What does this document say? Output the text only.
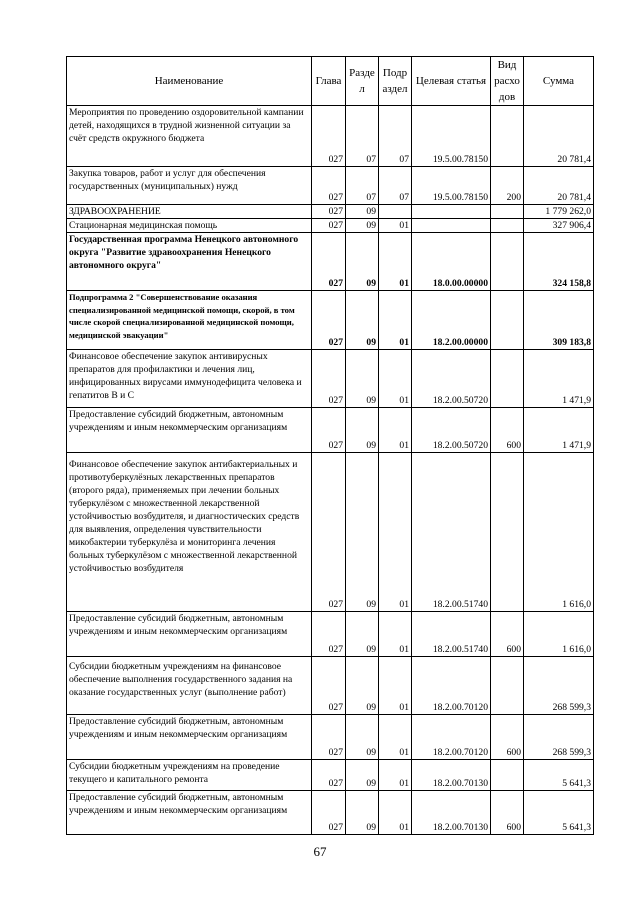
Наименование	Глава	Разде л	Подр аздел	Целевая статья	Вид расхо дов	Сумма
Мероприятия по проведению оздоровительной кампании детей, находящихся в трудной жизненной ситуации за счёт средств окружного бюджета	027	07	07	19.5.00.78150		20 781,4
Закупка товаров, работ и услуг для обеспечения государственных (муниципальных) нужд	027	07	07	19.5.00.78150	200	20 781,4
ЗДРАВООХРАНЕНИЕ	027	09				1 779 262,0
Стационарная медицинская помощь	027	09	01			327 906,4
Государственная программа Ненецкого автономного округа "Развитие здравоохранения Ненецкого автономного округа"	027	09	01	18.0.00.00000		324 158,8
Подпрограмма 2 "Совершенствование оказания специализированной медицинской помощи, скорой, в том числе скорой специализированной медицинской помощи, медицинской эвакуации"	027	09	01	18.2.00.00000		309 183,8
Финансовое обеспечение закупок антивирусных препаратов для профилактики и лечения лиц, инфицированных вирусами иммунодефицита человека и гепатитов В и С	027	09	01	18.2.00.50720		1 471,9
Предоставление субсидий бюджетным, автономным учреждениям и иным некоммерческим организациям	027	09	01	18.2.00.50720	600	1 471,9
Финансовое обеспечение закупок антибактериальных и противотуберкулёзных лекарственных препаратов (второго ряда), применяемых при лечении больных туберкулёзом с множественной лекарственной устойчивостью возбудителя, и диагностических средств для выявления, определения чувствительности микобактерии туберкулёза и мониторинга лечения больных туберкулёзом с множественной лекарственной устойчивостью возбудителя	027	09	01	18.2.00.51740		1 616,0
Предоставление субсидий бюджетным, автономным учреждениям и иным некоммерческим организациям	027	09	01	18.2.00.51740	600	1 616,0
Субсидии бюджетным учреждениям на финансовое обеспечение выполнения государственного задания на оказание государственных услуг (выполнение работ)	027	09	01	18.2.00.70120		268 599,3
Предоставление субсидий бюджетным, автономным учреждениям и иным некоммерческим организациям	027	09	01	18.2.00.70120	600	268 599,3
Субсидии бюджетным учреждениям на проведение текущего и капитального ремонта	027	09	01	18.2.00.70130		5 641,3
Предоставление субсидий бюджетным, автономным учреждениям и иным некоммерческим организациям	027	09	01	18.2.00.70130	600	5 641,3
67
